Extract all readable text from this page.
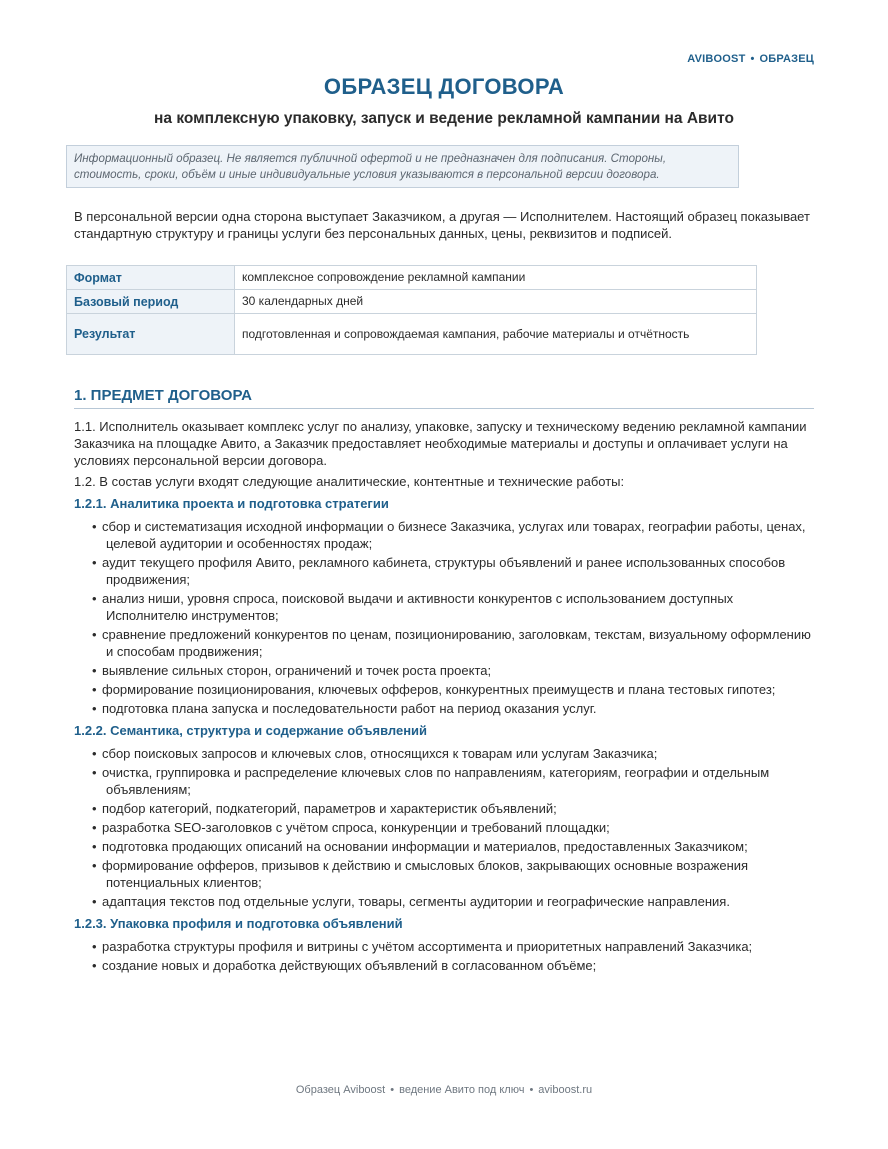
AVIBOOST • ОБРАЗЕЦ
ОБРАЗЕЦ ДОГОВОРА
на комплексную упаковку, запуск и ведение рекламной кампании на Авито
Информационный образец. Не является публичной офертой и не предназначен для подписания. Стороны, стоимость, сроки, объём и иные индивидуальные условия указываются в персональной версии договора.
В персональной версии одна сторона выступает Заказчиком, а другая — Исполнителем. Настоящий образец показывает стандартную структуру и границы услуги без персональных данных, цены, реквизитов и подписей.
Формат	комплексное сопровождение рекламной кампании
Базовый период	30 календарных дней
Результат	подготовленная и сопровождаемая кампания, рабочие материалы и отчётность
1. ПРЕДМЕТ ДОГОВОРА

1.1. Исполнитель оказывает комплекс услуг по анализу, упаковке, запуску и техническому ведению рекламной кампании Заказчика на площадке Авито, а Заказчик предоставляет необходимые материалы и доступы и оплачивает услуги на условиях персональной версии договора.

1.2. В состав услуги входят следующие аналитические, контентные и технические работы:

1.2.1. Аналитика проекта и подготовка стратегии
• сбор и систематизация исходной информации о бизнесе Заказчика, услугах или товарах, географии работы, ценах, целевой аудитории и особенностях продаж;
• аудит текущего профиля Авито, рекламного кабинета, структуры объявлений и ранее использованных способов продвижения;
• анализ ниши, уровня спроса, поисковой выдачи и активности конкурентов с использованием доступных Исполнителю инструментов;
• сравнение предложений конкурентов по ценам, позиционированию, заголовкам, текстам, визуальному оформлению и способам продвижения;
• выявление сильных сторон, ограничений и точек роста проекта;
• формирование позиционирования, ключевых офферов, конкурентных преимуществ и плана тестовых гипотез;
• подготовка плана запуска и последовательности работ на период оказания услуг.
1.2.2. Семантика, структура и содержание объявлений
• сбор поисковых запросов и ключевых слов, относящихся к товарам или услугам Заказчика;
• очистка, группировка и распределение ключевых слов по направлениям, категориям, географии и отдельным объявлениям;
• подбор категорий, подкатегорий, параметров и характеристик объявлений;
• разработка SEO-заголовков с учётом спроса, конкуренции и требований площадки;
• подготовка продающих описаний на основании информации и материалов, предоставленных Заказчиком;
• формирование офферов, призывов к действию и смысловых блоков, закрывающих основные возражения потенциальных клиентов;
• адаптация текстов под отдельные услуги, товары, сегменты аудитории и географические направления.
1.2.3. Упаковка профиля и подготовка объявлений
• разработка структуры профиля и витрины с учётом ассортимента и приоритетных направлений Заказчика;
• создание новых и доработка действующих объявлений в согласованном объёме;
Образец Aviboost • ведение Авито под ключ • aviboost.ru
